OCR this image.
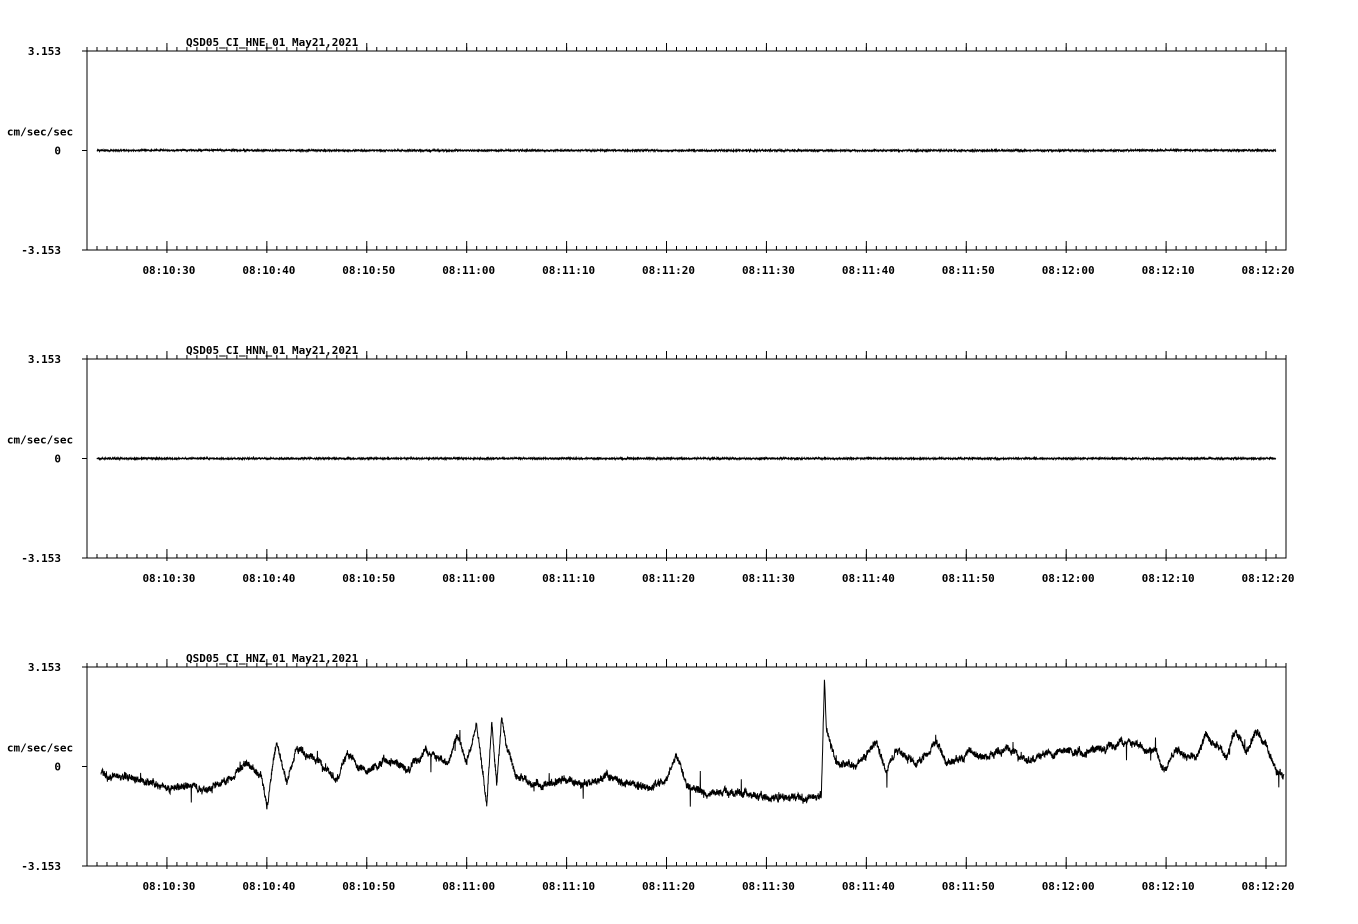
QSD05_CI_HNE_01 May21,2021
3.153
0
-3.153
cm/sec/sec
08:10:30	08:10:40	08:10:50	08:11:00	08:11:10	08:11:20	08:11:30	08:11:40	08:11:50	08:12:00	08:12:10	08:12:20
QSD05_CI_HNN_01 May21,2021
3.153
0
-3.153
cm/sec/sec
08:10:30	08:10:40	08:10:50	08:11:00	08:11:10	08:11:20	08:11:30	08:11:40	08:11:50	08:12:00	08:12:10	08:12:20
QSD05_CI_HNZ_01 May21,2021
3.153
0
-3.153
cm/sec/sec
08:10:30	08:10:40	08:10:50	08:11:00	08:11:10	08:11:20	08:11:30	08:11:40	08:11:50	08:12:00	08:12:10	08:12:20
